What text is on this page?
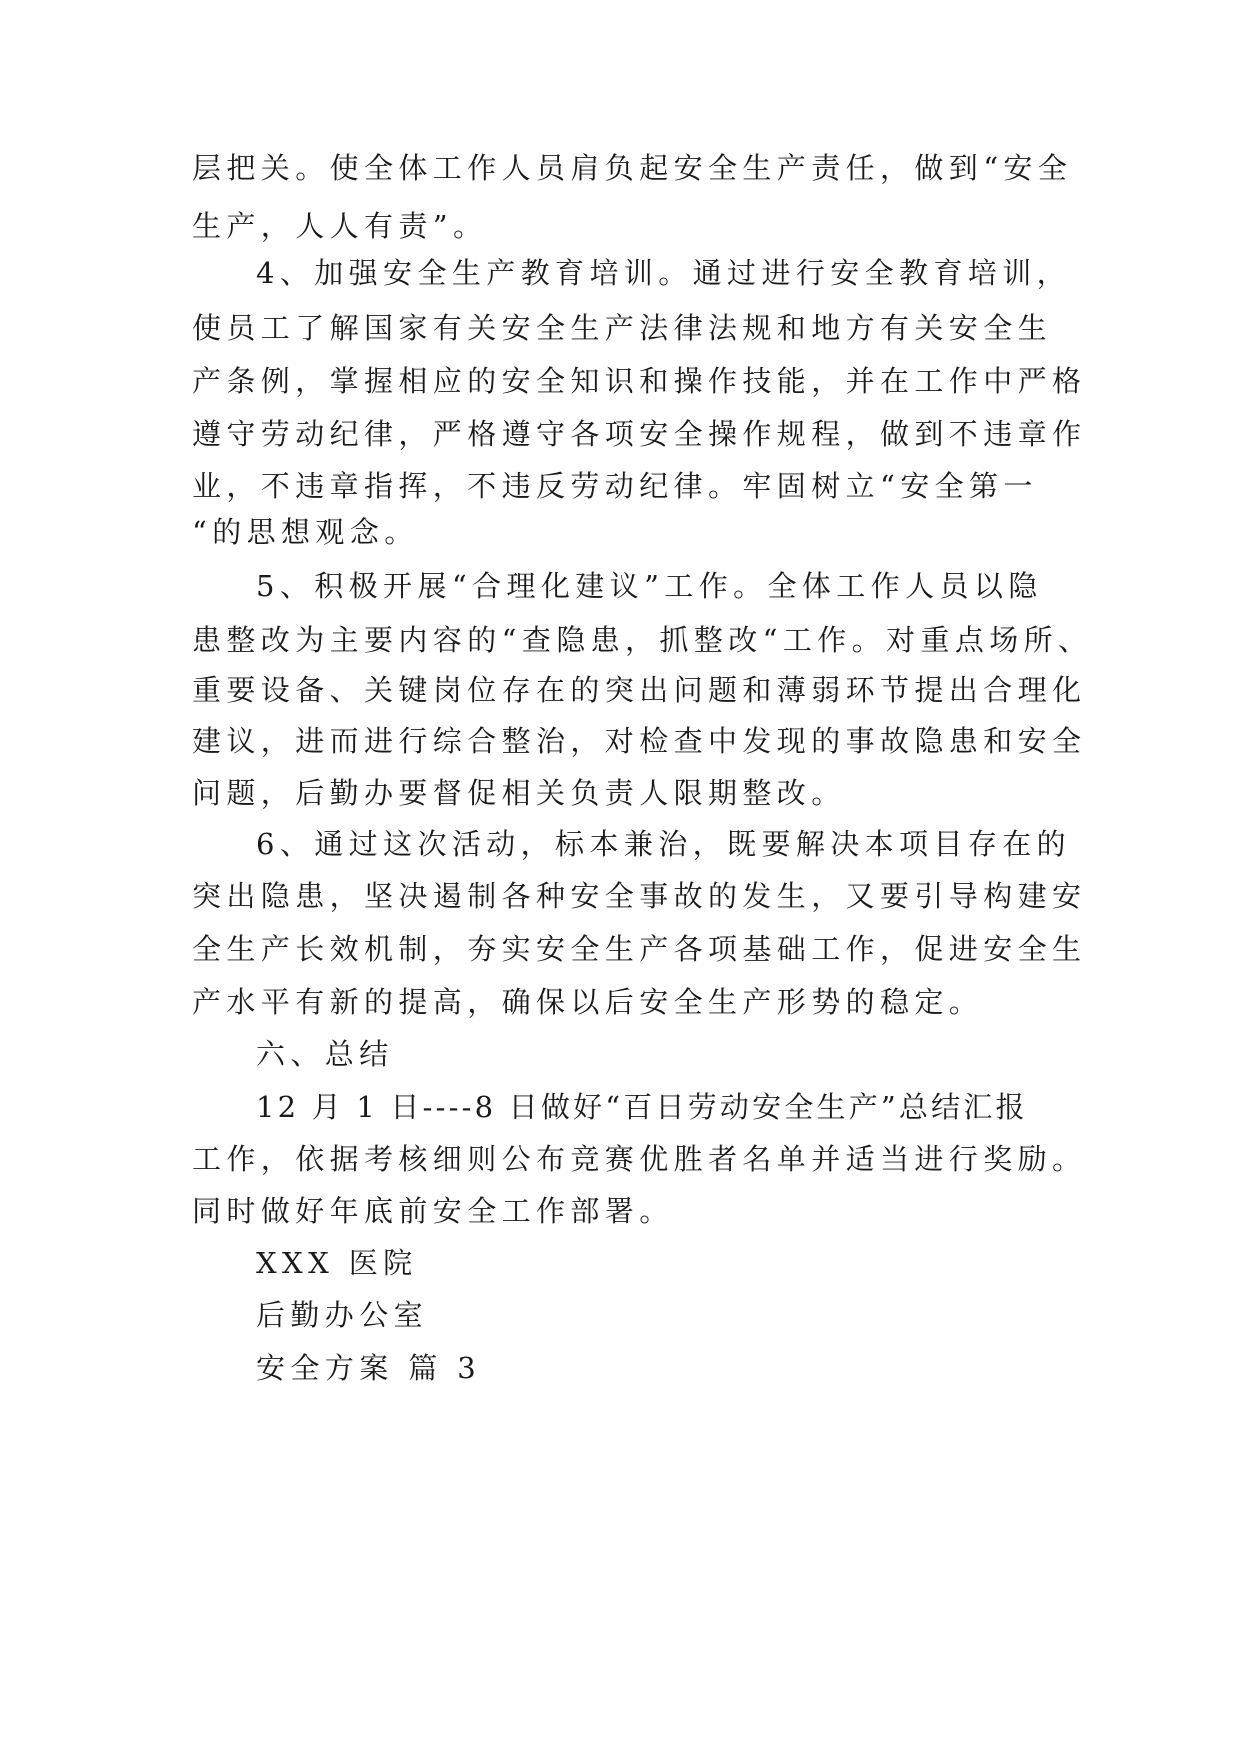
层把关。使全体工作人员肩负起安全生产责任，做到“安全
生产，人人有责”。
4、加强安全生产教育培训。通过进行安全教育培训，
使员工了解国家有关安全生产法律法规和地方有关安全生
产条例，掌握相应的安全知识和操作技能，并在工作中严格
遵守劳动纪律，严格遵守各项安全操作规程，做到不违章作
业，不违章指挥，不违反劳动纪律。牢固树立“安全第一
“的思想观念。
5、积极开展“合理化建议”工作。全体工作人员以隐
患整改为主要内容的“查隐患，抓整改“工作。对重点场所、
重要设备、关键岗位存在的突出问题和薄弱环节提出合理化
建议，进而进行综合整治，对检查中发现的事故隐患和安全
问题，后勤办要督促相关负责人限期整改。
6、通过这次活动，标本兼治，既要解决本项目存在的
突出隐患，坚决遏制各种安全事故的发生，又要引导构建安
全生产长效机制，夯实安全生产各项基础工作，促进安全生
产水平有新的提高，确保以后安全生产形势的稳定。
六、总结
12 月 1 日----8 日做好“百日劳动安全生产”总结汇报
工作，依据考核细则公布竞赛优胜者名单并适当进行奖励。
同时做好年底前安全工作部署。
XXX 医院
后勤办公室
安全方案 篇 3
